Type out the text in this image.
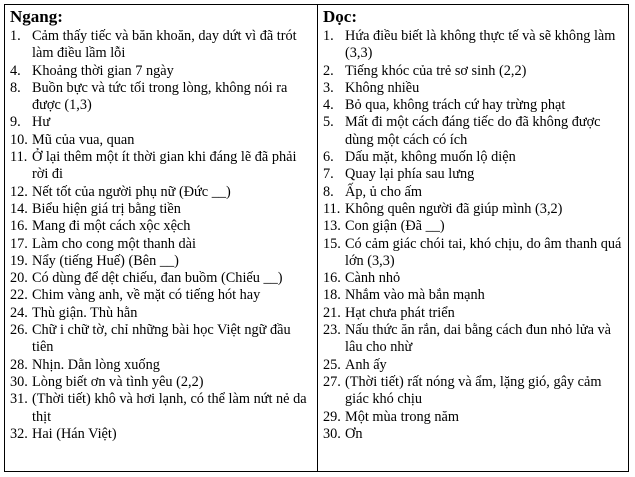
Ngang:
1. Cảm thấy tiếc và băn khoăn, day dứt vì đã trót làm điều lầm lỗi
4. Khoảng thời gian 7 ngày
8. Buồn bực và tức tối trong lòng, không nói ra được (1,3)
9. Hư
10. Mũ của vua, quan
11. Ở lại thêm một ít thời gian khi đáng lẽ đã phải rời đi
12. Nết tốt của người phụ nữ (Đức __)
14. Biểu hiện giá trị bằng tiền
16. Mang đi một cách xộc xệch
17. Làm cho cong một thanh dài
19. Nẩy (tiếng Huế) (Bên __)
20. Có dùng để dệt chiếu, đan buồm (Chiếu __)
22. Chim vàng anh, về mặt có tiếng hót hay
24. Thù giận. Thù hằn
26. Chữ i chữ tờ, chỉ những bài học Việt ngữ đầu tiên
28. Nhịn. Dằn lòng xuống
30. Lòng biết ơn và tình yêu (2,2)
31. (Thời tiết) khô và hơi lạnh, có thể làm nứt nẻ da thịt
32. Hai (Hán Việt)
Dọc:
1. Hứa điều biết là không thực tế và sẽ không làm (3,3)
2. Tiếng khóc của trẻ sơ sinh (2,2)
3. Không nhiều
4. Bỏ qua, không trách cứ hay trừng phạt
5. Mất đi một cách đáng tiếc do đã không được dùng một cách có ích
6. Dấu mặt, không muốn lộ diện
7. Quay lại phía sau lưng
8. Ấp, ủ cho ấm
11. Không quên người đã giúp mình (3,2)
13. Con giận (Đã __)
15. Có cảm giác chói tai, khó chịu, do âm thanh quá lớn (3,3)
16. Cành nhỏ
18. Nhắm vào mà bắn mạnh
21. Hạt chưa phát triển
23. Nấu thức ăn rắn, dai bằng cách đun nhỏ lửa và lâu cho nhừ
25. Anh ấy
27. (Thời tiết) rất nóng và ẩm, lặng gió, gây cảm giác khó chịu
29. Một mùa trong năm
30. Ơn
